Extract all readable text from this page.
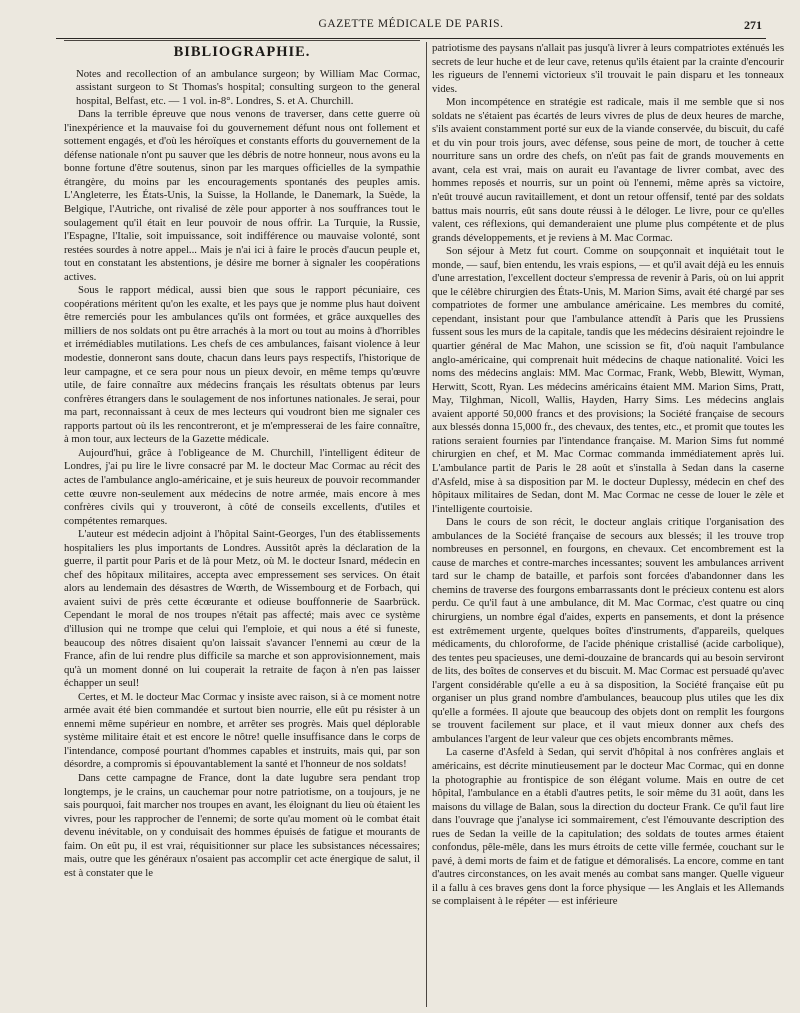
GAZETTE MÉDICALE DE PARIS.	271
BIBLIOGRAPHIE.

Notes and recollection of an ambulance surgeon; by William Mac Cormac, assistant surgeon to St Thomas's hospital; consulting surgeon to the general hospital, Belfast, etc. — 1 vol. in-8°. Londres, S. et A. Churchill.

Dans la terrible épreuve que nous venons de traverser, dans cette guerre où l'inexpérience et la mauvaise foi du gouvernement défunt nous ont follement et sottement engagés, et d'où les héroïques et constants efforts du gouvernement de la défense nationale n'ont pu sauver que les débris de notre honneur, nous avons eu la bonne fortune d'être soutenus, sinon par les marques officielles de la sympathie étrangère, du moins par les encouragements spontanés des peuples amis. L'Angleterre, les États-Unis, la Suisse, la Hollande, le Danemark, la Suède, la Belgique, l'Autriche, ont rivalisé de zèle pour apporter à nos souffrances tout le soulagement qu'il était en leur pouvoir de nous offrir. La Turquie, la Russie, l'Espagne, l'Italie, soit impuissance, soit indifférence ou mauvaise volonté, sont restées sourdes à notre appel... Mais je n'ai ici à faire le procès d'aucun peuple et, tout en constatant les abstentions, je désire me borner à signaler les coopérations actives.

Sous le rapport médical, aussi bien que sous le rapport pécuniaire, ces coopérations méritent qu'on les exalte, et les pays que je nomme plus haut doivent être remerciés pour les ambulances qu'ils ont formées, et grâce auxquelles des milliers de nos soldats ont pu être arrachés à la mort ou tout au moins à d'horribles et irrémédiables mutilations. Les chefs de ces ambulances, faisant violence à leur modestie, donneront sans doute, chacun dans leurs pays respectifs, l'historique de leur campagne, et ce sera pour nous un pieux devoir, en même temps qu'œuvre utile, de faire connaître aux médecins français les résultats obtenus par leurs confrères étrangers dans le soulagement de nos infortunes nationales. Je serai, pour ma part, reconnaissant à ceux de mes lecteurs qui voudront bien me signaler ces rapports partout où ils les rencontreront, et je m'empresserai de les faire connaître, à mon tour, aux lecteurs de la Gazette médicale.

Aujourd'hui, grâce à l'obligeance de M. Churchill, l'intelligent éditeur de Londres, j'ai pu lire le livre consacré par M. le docteur Mac Cormac au récit des actes de l'ambulance anglo-américaine, et je suis heureux de pouvoir recommander cette œuvre non-seulement aux médecins de notre armée, mais encore à mes confrères civils qui y trouveront, à côté de conseils excellents, d'utiles et compétentes remarques.

L'auteur est médecin adjoint à l'hôpital Saint-Georges, l'un des établissements hospitaliers les plus importants de Londres. Aussitôt après la déclaration de la guerre, il partit pour Paris et de là pour Metz, où M. le docteur Isnard, médecin en chef des hôpitaux militaires, accepta avec empressement ses services. On était alors au lendemain des désastres de Wœrth, de Wissembourg et de Forbach, qui avaient suivi de près cette écœurante et odieuse bouffonnerie de Saarbrück. Cependant le moral de nos troupes n'était pas affecté; mais avec ce système d'illusion qui ne trompe que celui qui l'emploie, et qui nous a été si funeste, beaucoup des nôtres disaient qu'on laissait s'avancer l'ennemi au cœur de la France, afin de lui rendre plus difficile sa marche et son approvisionnement, mais qu'à un moment donné on lui couperait la retraite de façon à n'en pas laisser échapper un seul!

Certes, et M. le docteur Mac Cormac y insiste avec raison, si à ce moment notre armée avait été bien commandée et surtout bien nourrie, elle eût pu résister à un ennemi même supérieur en nombre, et arrêter ses progrès. Mais quel déplorable système militaire était et est encore le nôtre! quelle insuffisance dans le corps de l'intendance, composé pourtant d'hommes capables et instruits, mais qui, par son désordre, a compromis si épouvantablement la santé et l'honneur de nos soldats!

Dans cette campagne de France, dont la date lugubre sera pendant trop longtemps, je le crains, un cauchemar pour notre patriotisme, on a toujours, je ne sais pourquoi, fait marcher nos troupes en avant, les éloignant du lieu où étaient les vivres, pour les rapprocher de l'ennemi; de sorte qu'au moment où le combat était devenu inévitable, on y conduisait des hommes épuisés de fatigue et mourants de faim. On eût pu, il est vrai, réquisitionner sur place les subsistances nécessaires; mais, outre que les généraux n'osaient pas accomplir cet acte énergique de salut, il est à constater que le

patriotisme des paysans n'allait pas jusqu'à livrer à leurs compatriotes exténués les secrets de leur huche et de leur cave, retenus qu'ils étaient par la crainte d'encourir les rigueurs de l'ennemi victorieux s'il trouvait le pain disparu et les tonneaux vides.

Mon incompétence en stratégie est radicale, mais il me semble que si nos soldats ne s'étaient pas écartés de leurs vivres de plus de deux heures de marche, s'ils avaient constamment porté sur eux de la viande conservée, du biscuit, du café et du vin pour trois jours, avec défense, sous peine de mort, de toucher à cette nourriture sans un ordre des chefs, on n'eût pas fait de grands mouvements en avant, cela est vrai, mais on aurait eu l'avantage de livrer combat, avec des hommes reposés et nourris, sur un point où l'ennemi, même après sa victoire, n'eût trouvé aucun ravitaillement, et dont un retour offensif, tenté par des soldats battus mais nourris, eût sans doute réussi à le déloger. Le livre, pour ce qu'elles valent, ces réflexions, qui demanderaient une plume plus compétente et de plus grands développements, et je reviens à M. Mac Cormac.

Son séjour à Metz fut court. Comme on soupçonnait et inquiétait tout le monde, — sauf, bien entendu, les vrais espions, — et qu'il avait déjà eu les ennuis d'une arrestation, l'excellent docteur s'empressa de revenir à Paris, où on lui apprit que le célèbre chirurgien des États-Unis, M. Marion Sims, avait été chargé par ses compatriotes de former une ambulance américaine. Les membres du comité, cependant, insistant pour que l'ambulance attendît à Paris que les Prussiens fussent sous les murs de la capitale, tandis que les médecins désiraient rejoindre le quartier général de Mac Mahon, une scission se fit, d'où naquit l'ambulance anglo-américaine, qui comprenait huit médecins de chaque nationalité. Voici les noms des médecins anglais: MM. Mac Cormac, Frank, Webb, Blewitt, Wyman, Herwitt, Scott, Ryan. Les médecins américains étaient MM. Marion Sims, Pratt, May, Tilghman, Nicoll, Wallis, Hayden, Harry Sims. Les médecins anglais avaient apporté 50,000 francs et des provisions; la Société française de secours aux blessés donna 15,000 fr., des chevaux, des tentes, etc., et promit que toutes les rations seraient fournies par l'intendance française. M. Marion Sims fut nommé chirurgien en chef, et M. Mac Cormac commanda immédiatement après lui. L'ambulance partit de Paris le 28 août et s'installa à Sedan dans la caserne d'Asfeld, mise à sa disposition par M. le docteur Duplessy, médecin en chef des hôpitaux militaires de Sedan, dont M. Mac Cormac ne cesse de louer le zèle et l'intelligente courtoisie.

Dans le cours de son récit, le docteur anglais critique l'organisation des ambulances de la Société française de secours aux blessés; il les trouve trop nombreuses en personnel, en fourgons, en chevaux. Cet encombrement est la cause de marches et contre-marches incessantes; souvent les ambulances arrivent tard sur le champ de bataille, et parfois sont forcées d'abandonner dans les chemins de traverse des fourgons embarrassants dont le précieux contenu est alors perdu. Ce qu'il faut à une ambulance, dit M. Mac Cormac, c'est quatre ou cinq chirurgiens, un nombre égal d'aides, experts en pansements, et dont la présence est extrêmement urgente, quelques boîtes d'instruments, d'appareils, quelques médicaments, du chloroforme, de l'acide phénique cristallisé (acide carbolique), des tentes peu spacieuses, une demi-douzaine de brancards qui au besoin serviront de lits, des boîtes de conserves et du biscuit. M. Mac Cormac est persuadé qu'avec l'argent considérable qu'elle a eu à sa disposition, la Société française eût pu organiser un plus grand nombre d'ambulances, beaucoup plus utiles que les dix qu'elle a formées. Il ajoute que beaucoup des objets dont on remplit les fourgons se trouvent facilement sur place, et il vaut mieux donner aux chefs des ambulances l'argent de leur valeur que ces objets encombrants mêmes.

La caserne d'Asfeld à Sedan, qui servit d'hôpital à nos confrères anglais et américains, est décrite minutieusement par le docteur Mac Cormac, qui en donne la photographie au frontispice de son élégant volume. Mais en outre de cet hôpital, l'ambulance en a établi d'autres petits, le soir même du 31 août, dans les maisons du village de Balan, sous la direction du docteur Frank. Ce qu'il faut lire dans l'ouvrage que j'analyse ici sommairement, c'est l'émouvante description des rues de Sedan la veille de la capitulation; des soldats de toutes armes étaient confondus, pêle-mêle, dans les murs étroits de cette ville fermée, couchant sur le pavé, à demi morts de faim et de fatigue et démoralisés. La encore, comme en tant d'autres circonstances, on les avait menés au combat sans manger. Quelle vigueur il a fallu à ces braves gens dont la force physique — les Anglais et les Allemands se complaisent à le répéter — est inférieure
